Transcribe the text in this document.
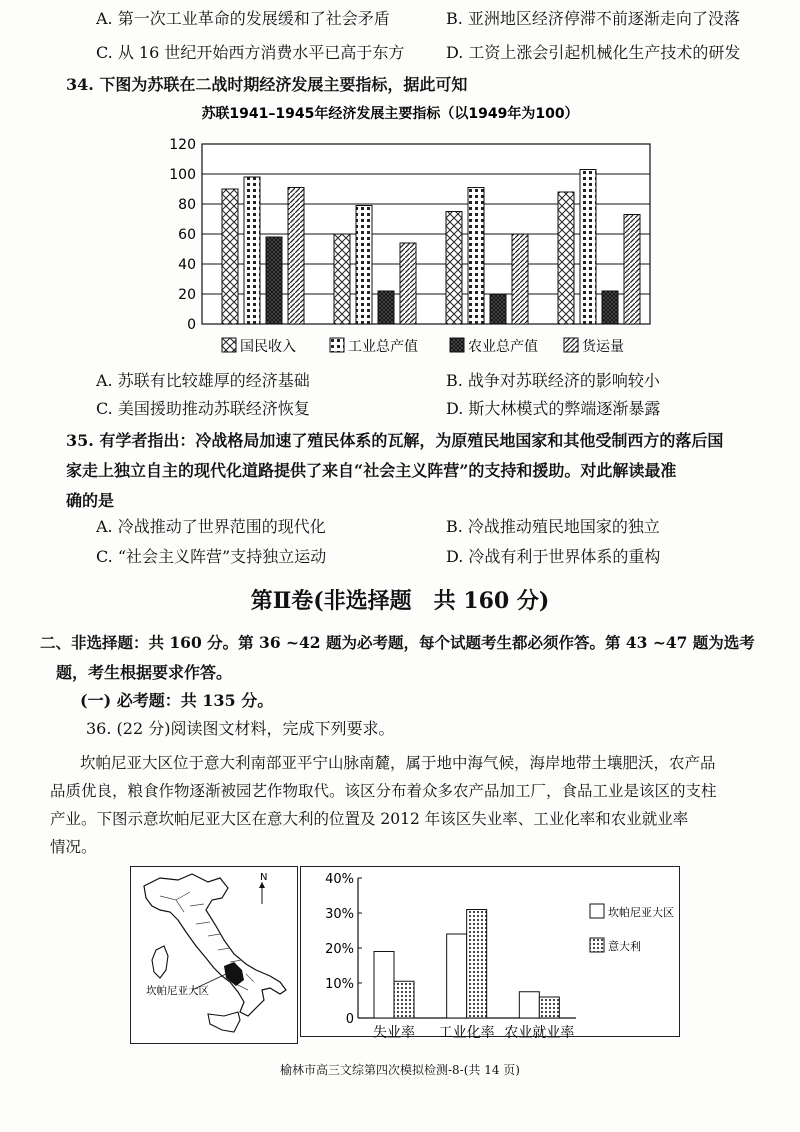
A. 第一次工业革命的发展缓和了社会矛盾	B. 亚洲地区经济停滞不前逐渐走向了没落
C. 从 16 世纪开始西方消费水平已高于东方	D. 工资上涨会引起机械化生产技术的研发
34. 下图为苏联在二战时期经济发展主要指标，据此可知
苏联1941–1945年经济发展主要指标（以1949年为100）
0
20
40
60
80
100
120
国民收入	工业总产值	农业总产值	货运量
A. 苏联有比较雄厚的经济基础	B. 战争对苏联经济的影响较小
C. 美国援助推动苏联经济恢复	D. 斯大林模式的弊端逐渐暴露
35. 有学者指出：冷战格局加速了殖民体系的瓦解，为原殖民地国家和其他受制西方的落后国
家走上独立自主的现代化道路提供了来自“社会主义阵营”的支持和援助。对此解读最准
确的是
A. 冷战推动了世界范围的现代化	B. 冷战推动殖民地国家的独立
C. “社会主义阵营”支持独立运动	D. 冷战有利于世界体系的重构
第Ⅱ卷(非选择题　共 160 分)
二、非选择题：共 160 分。第 36 ~42 题为必考题，每个试题考生都必须作答。第 43 ~47 题为选考
题，考生根据要求作答。
(一) 必考题：共 135 分。
36. (22 分)阅读图文材料，完成下列要求。
坎帕尼亚大区位于意大利南部亚平宁山脉南麓，属于地中海气候，海岸地带土壤肥沃，农产品
品质优良，粮食作物逐渐被园艺作物取代。该区分布着众多农产品加工厂，食品工业是该区的支柱
产业。下图示意坎帕尼亚大区在意大利的位置及 2012 年该区失业率、工业化率和农业就业率
情况。
N
坎帕尼亚大区
0
10%
20%
30%
40%
失业率 工业化率 农业就业率
坎帕尼亚大区
意大利
榆林市高三文综第四次模拟检测-8-(共 14 页)
